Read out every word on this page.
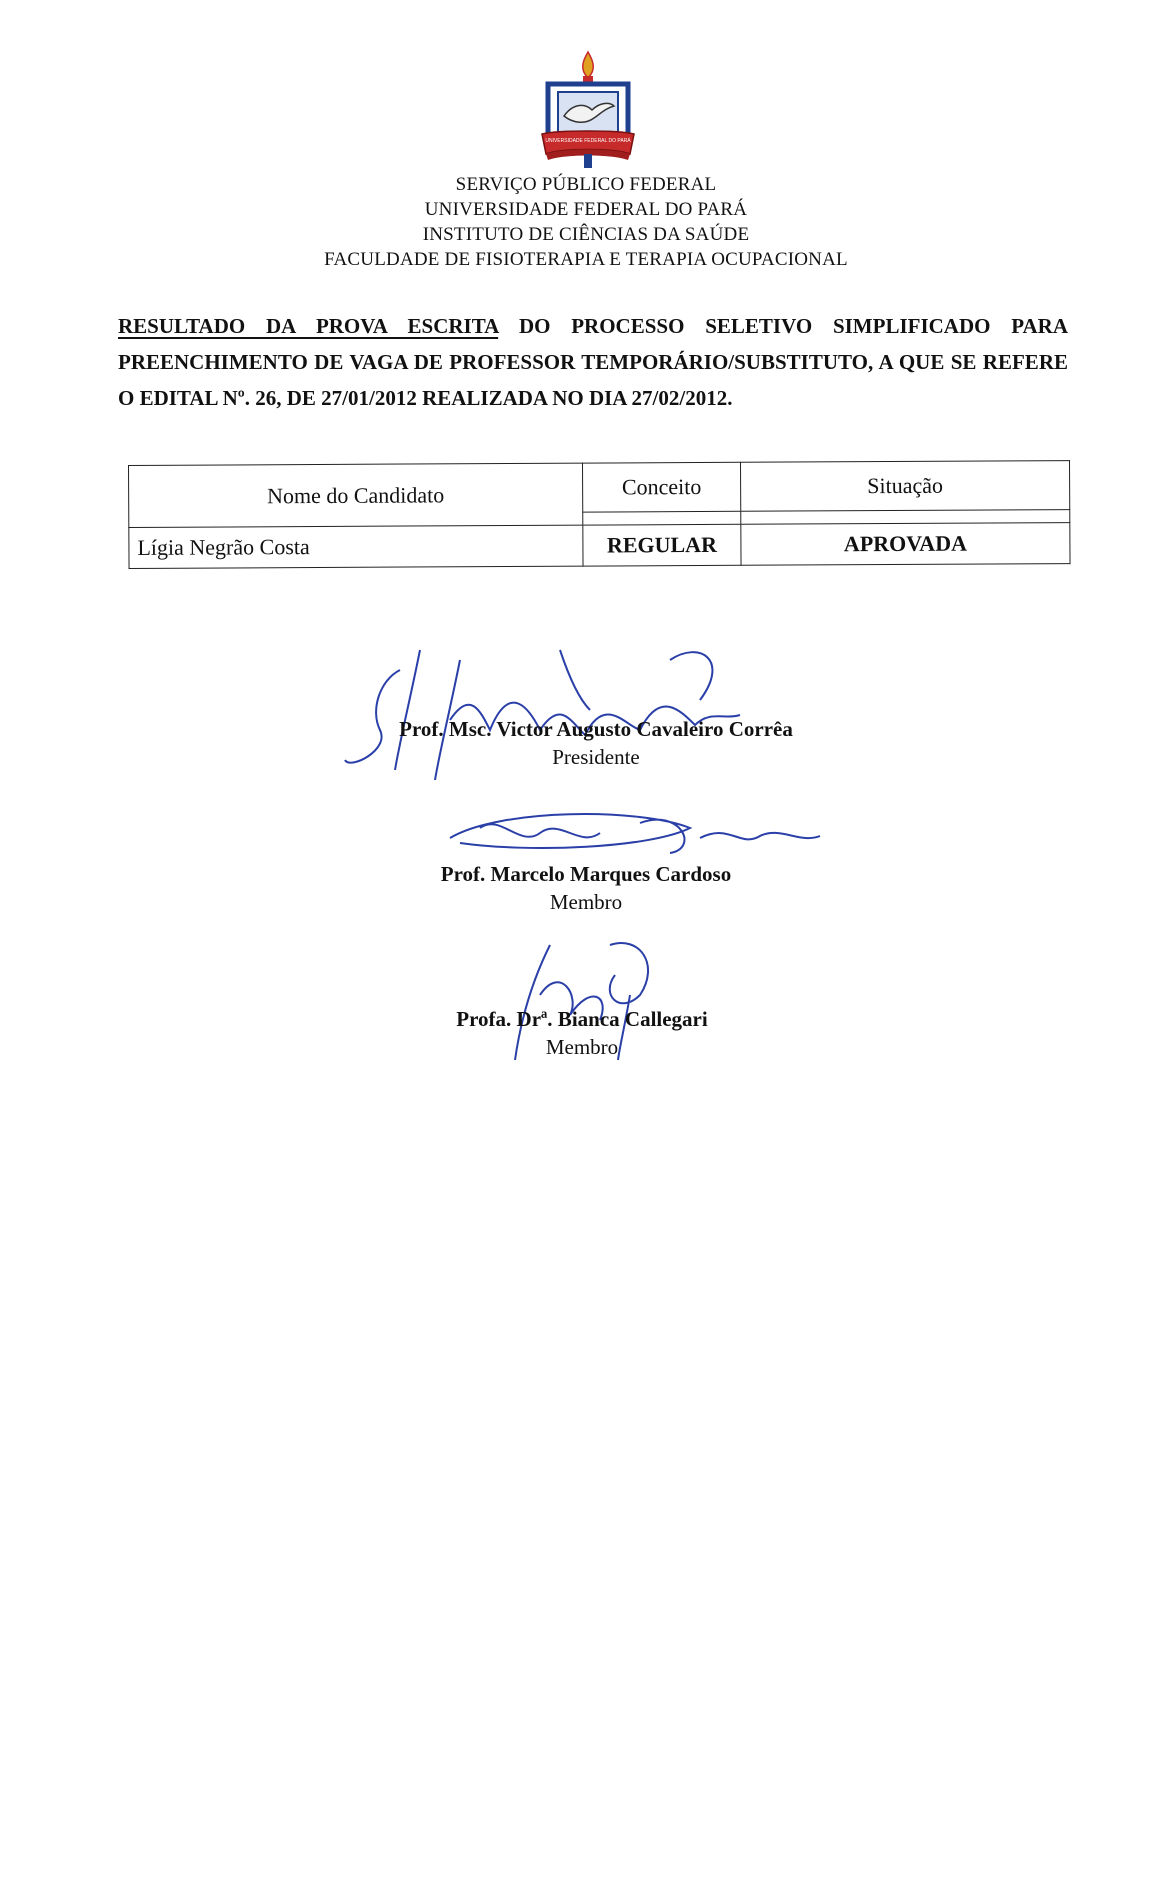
UNIVERSIDADE FEDERAL DO PARÁ
SERVIÇO PÚBLICO FEDERAL
UNIVERSIDADE FEDERAL DO PARÁ
INSTITUTO DE CIÊNCIAS DA SAÚDE
FACULDADE DE FISIOTERAPIA E TERAPIA OCUPACIONAL
RESULTADO DA PROVA ESCRITA DO PROCESSO SELETIVO SIMPLIFICADO PARA PREENCHIMENTO DE VAGA DE PROFESSOR TEMPORÁRIO/SUBSTITUTO, A QUE SE REFERE O EDITAL Nº. 26, DE 27/01/2012 REALIZADA NO DIA 27/02/2012.
Nome do Candidato	Conceito	Situação

Lígia Negrão Costa	REGULAR	APROVADA
Prof. Msc. Victor Augusto Cavaleiro Corrêa
Presidente
Prof. Marcelo Marques Cardoso
Membro
Profa. Drª. Bianca Callegari
Membro
